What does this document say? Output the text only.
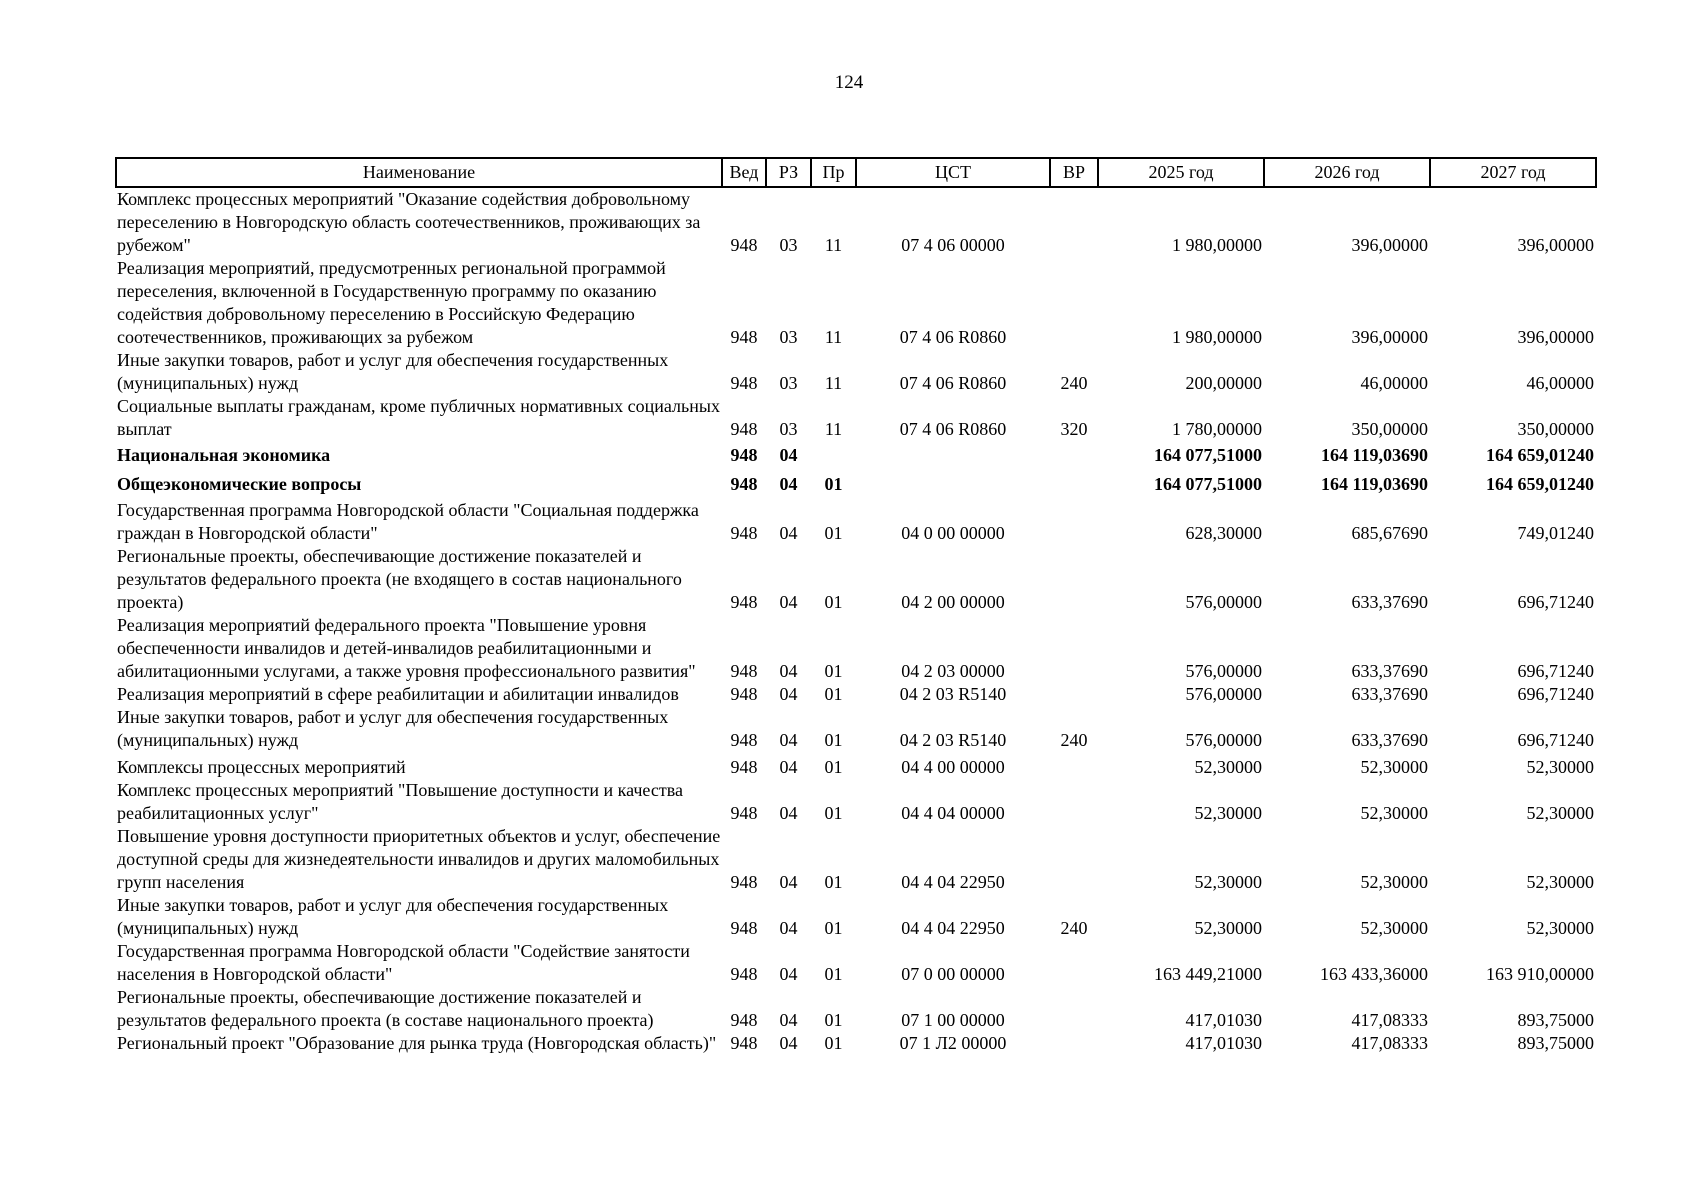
124
Наименование	Вед	РЗ	Пр	ЦСТ	ВР	2025 год	2026 год	2027 год
Комплекс процессных мероприятий "Оказание содействия добровольному переселению в Новгородскую область соотечественников, проживающих за рубежом"	948	03	11	07 4 06 00000		1 980,00000	396,00000	396,00000
Реализация мероприятий, предусмотренных региональной программой переселения, включенной в Государственную программу по оказанию содействия добровольному переселению в Российскую Федерацию соотечественников, проживающих за рубежом	948	03	11	07 4 06 R0860		1 980,00000	396,00000	396,00000
Иные закупки товаров, работ и услуг для обеспечения государственных (муниципальных) нужд	948	03	11	07 4 06 R0860	240	200,00000	46,00000	46,00000
Социальные выплаты гражданам, кроме публичных нормативных социальных выплат	948	03	11	07 4 06 R0860	320	1 780,00000	350,00000	350,00000
Национальная экономика	948	04				164 077,51000	164 119,03690	164 659,01240
Общеэкономические вопросы	948	04	01			164 077,51000	164 119,03690	164 659,01240
Государственная программа Новгородской области "Социальная поддержка граждан в Новгородской области"	948	04	01	04 0 00 00000		628,30000	685,67690	749,01240
Региональные проекты, обеспечивающие достижение показателей и результатов федерального проекта (не входящего в состав национального проекта)	948	04	01	04 2 00 00000		576,00000	633,37690	696,71240
Реализация мероприятий федерального проекта "Повышение уровня обеспеченности инвалидов и детей-инвалидов реабилитационными и абилитационными услугами, а также уровня профессионального развития"	948	04	01	04 2 03 00000		576,00000	633,37690	696,71240
Реализация мероприятий в сфере реабилитации и абилитации инвалидов	948	04	01	04 2 03 R5140		576,00000	633,37690	696,71240
Иные закупки товаров, работ и услуг для обеспечения государственных (муниципальных) нужд	948	04	01	04 2 03 R5140	240	576,00000	633,37690	696,71240
Комплексы процессных мероприятий	948	04	01	04 4 00 00000		52,30000	52,30000	52,30000
Комплекс процессных мероприятий "Повышение доступности и качества реабилитационных услуг"	948	04	01	04 4 04 00000		52,30000	52,30000	52,30000
Повышение уровня доступности приоритетных объектов и услуг, обеспечение доступной среды для жизнедеятельности инвалидов и других маломобильных групп населения	948	04	01	04 4 04 22950		52,30000	52,30000	52,30000
Иные закупки товаров, работ и услуг для обеспечения государственных (муниципальных) нужд	948	04	01	04 4 04 22950	240	52,30000	52,30000	52,30000
Государственная программа Новгородской области "Содействие занятости населения в Новгородской области"	948	04	01	07 0 00 00000		163 449,21000	163 433,36000	163 910,00000
Региональные проекты, обеспечивающие достижение показателей и результатов федерального проекта (в составе национального проекта)	948	04	01	07 1 00 00000		417,01030	417,08333	893,75000
Региональный проект "Образование для рынка труда (Новгородская область)"	948	04	01	07 1 Л2 00000		417,01030	417,08333	893,75000
